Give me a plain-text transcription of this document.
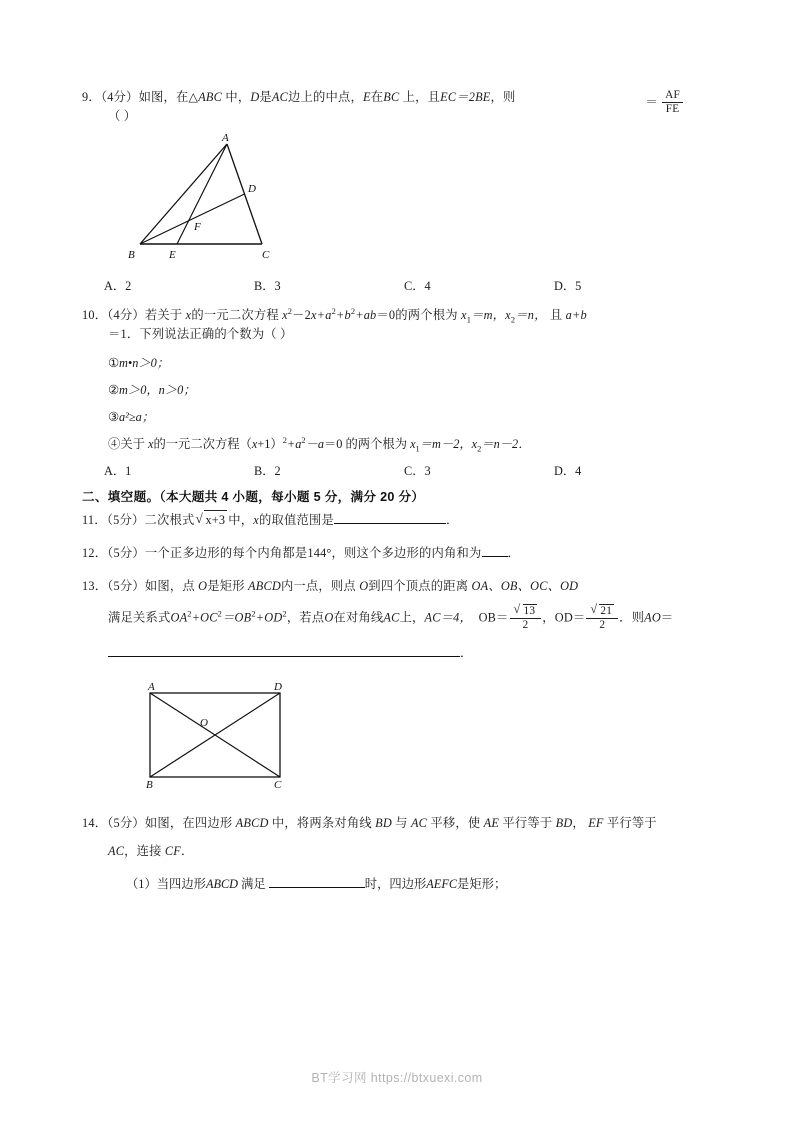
9．（4分）如图，在△ABC 中，D是AC边上的中点，E在BC 上，且EC＝2BE，则	＝ $\frac{AF}{FE}$
（ ）
A
B	C
D
E
F
A．2	B．3	C．4	D．5
10．（4分）若关于 x的一元二次方程 $x^2-2x+a^2+b^2+ab=0$的两个根为 $x_1=m$，$x_2=n$， 且 a+b
＝1．下列说法正确的个数为（ ）
①m•n＞0；
②m＞0，n＞0；
③a²≥a；
④关于 x的一元二次方程$(x+1)^2+a^2-a=0$ 的两个根为 $x_1=m-2$，$x_2=n-2$．
A．1	B．2	C．3	D．4
二、填空题。（本大题共 4 小题，每小题 5 分，满分 20 分）
11．（5分）二次根式 √ x+3 中，x的取值范围是	．
12．（5分）一个正多边形的每个内角都是144°，则这个多边形的内角和为 ．
13．（5分）如图，点 O是矩形 ABCD内一点，则点 O到四个顶点的距离 OA、OB、OC、OD
满足关系式$OA^2+OC^2=OB^2+OD^2$，若点O在对角线AC上，AC＝4， OB＝ √ $\frac{13}{2}$ ，OD＝ √ $\frac{21}{2}$ ．则AO＝
．
A	D
B	C
O
14．（5分）如图，在四边形 ABCD 中，将两条对角线 BD 与 AC 平移，使 AE 平行等于 BD， EF 平行等于
AC，连接 CF．
（1）当四边形ABCD 满足	时，四边形AEFC是矩形；
BT学习网 https://btxuexi.com
